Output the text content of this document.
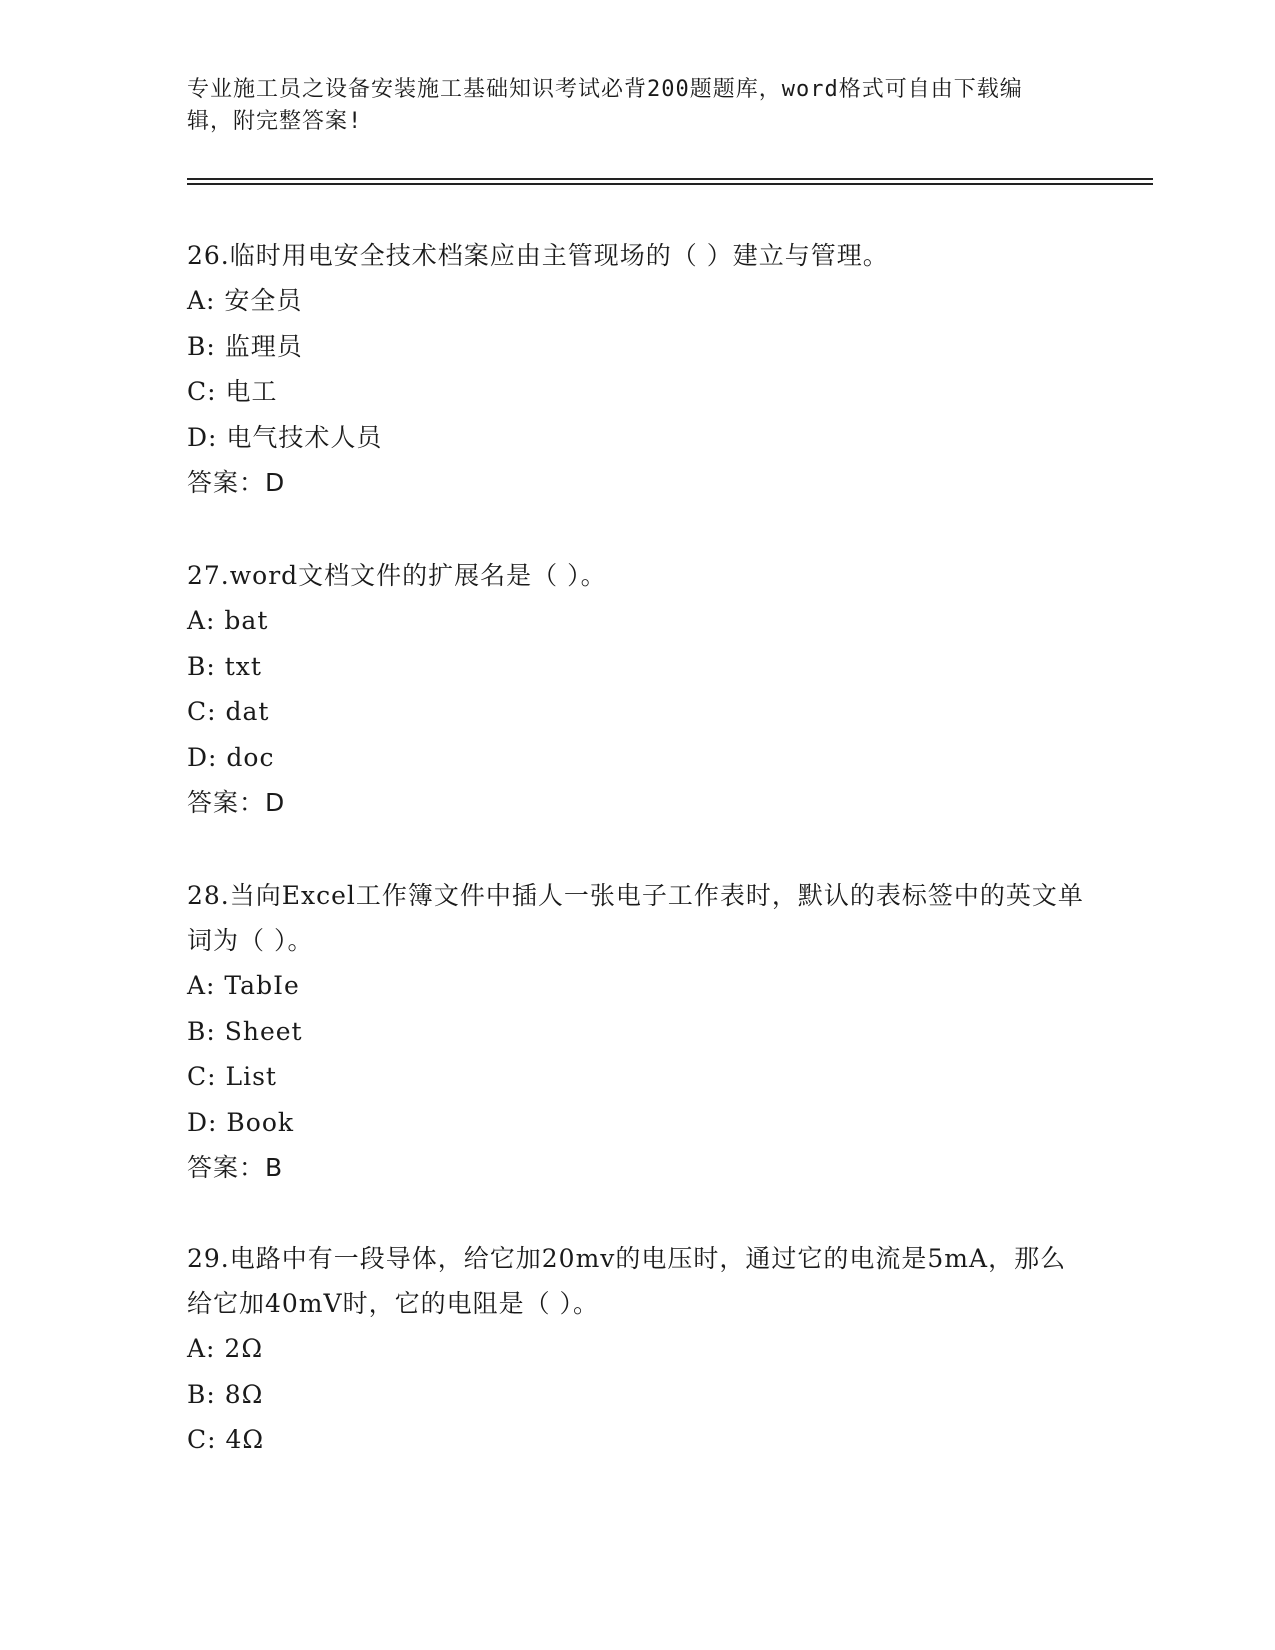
专业施工员之设备安装施工基础知识考试必背200题题库，word格式可自由下载编辑，附完整答案!

26.临时用电安全技术档案应由主管现场的（ ）建立与管理。

A: 安全员

B: 监理员

C: 电工

D: 电气技术人员

答案：D

27.word文档文件的扩展名是（ ）。

A: bat

B: txt

C: dat

D: doc

答案：D

28.当向Excel工作簿文件中插人一张电子工作表时，默认的表标签中的英文单词为（ ）。

A: TabIe

B: Sheet

C: List

D: Book

答案：B

29.电路中有一段导体，给它加20mv的电压时，通过它的电流是5mA，那么给它加40mV时，它的电阻是（ ）。

A: 2Ω

B: 8Ω

C: 4Ω
